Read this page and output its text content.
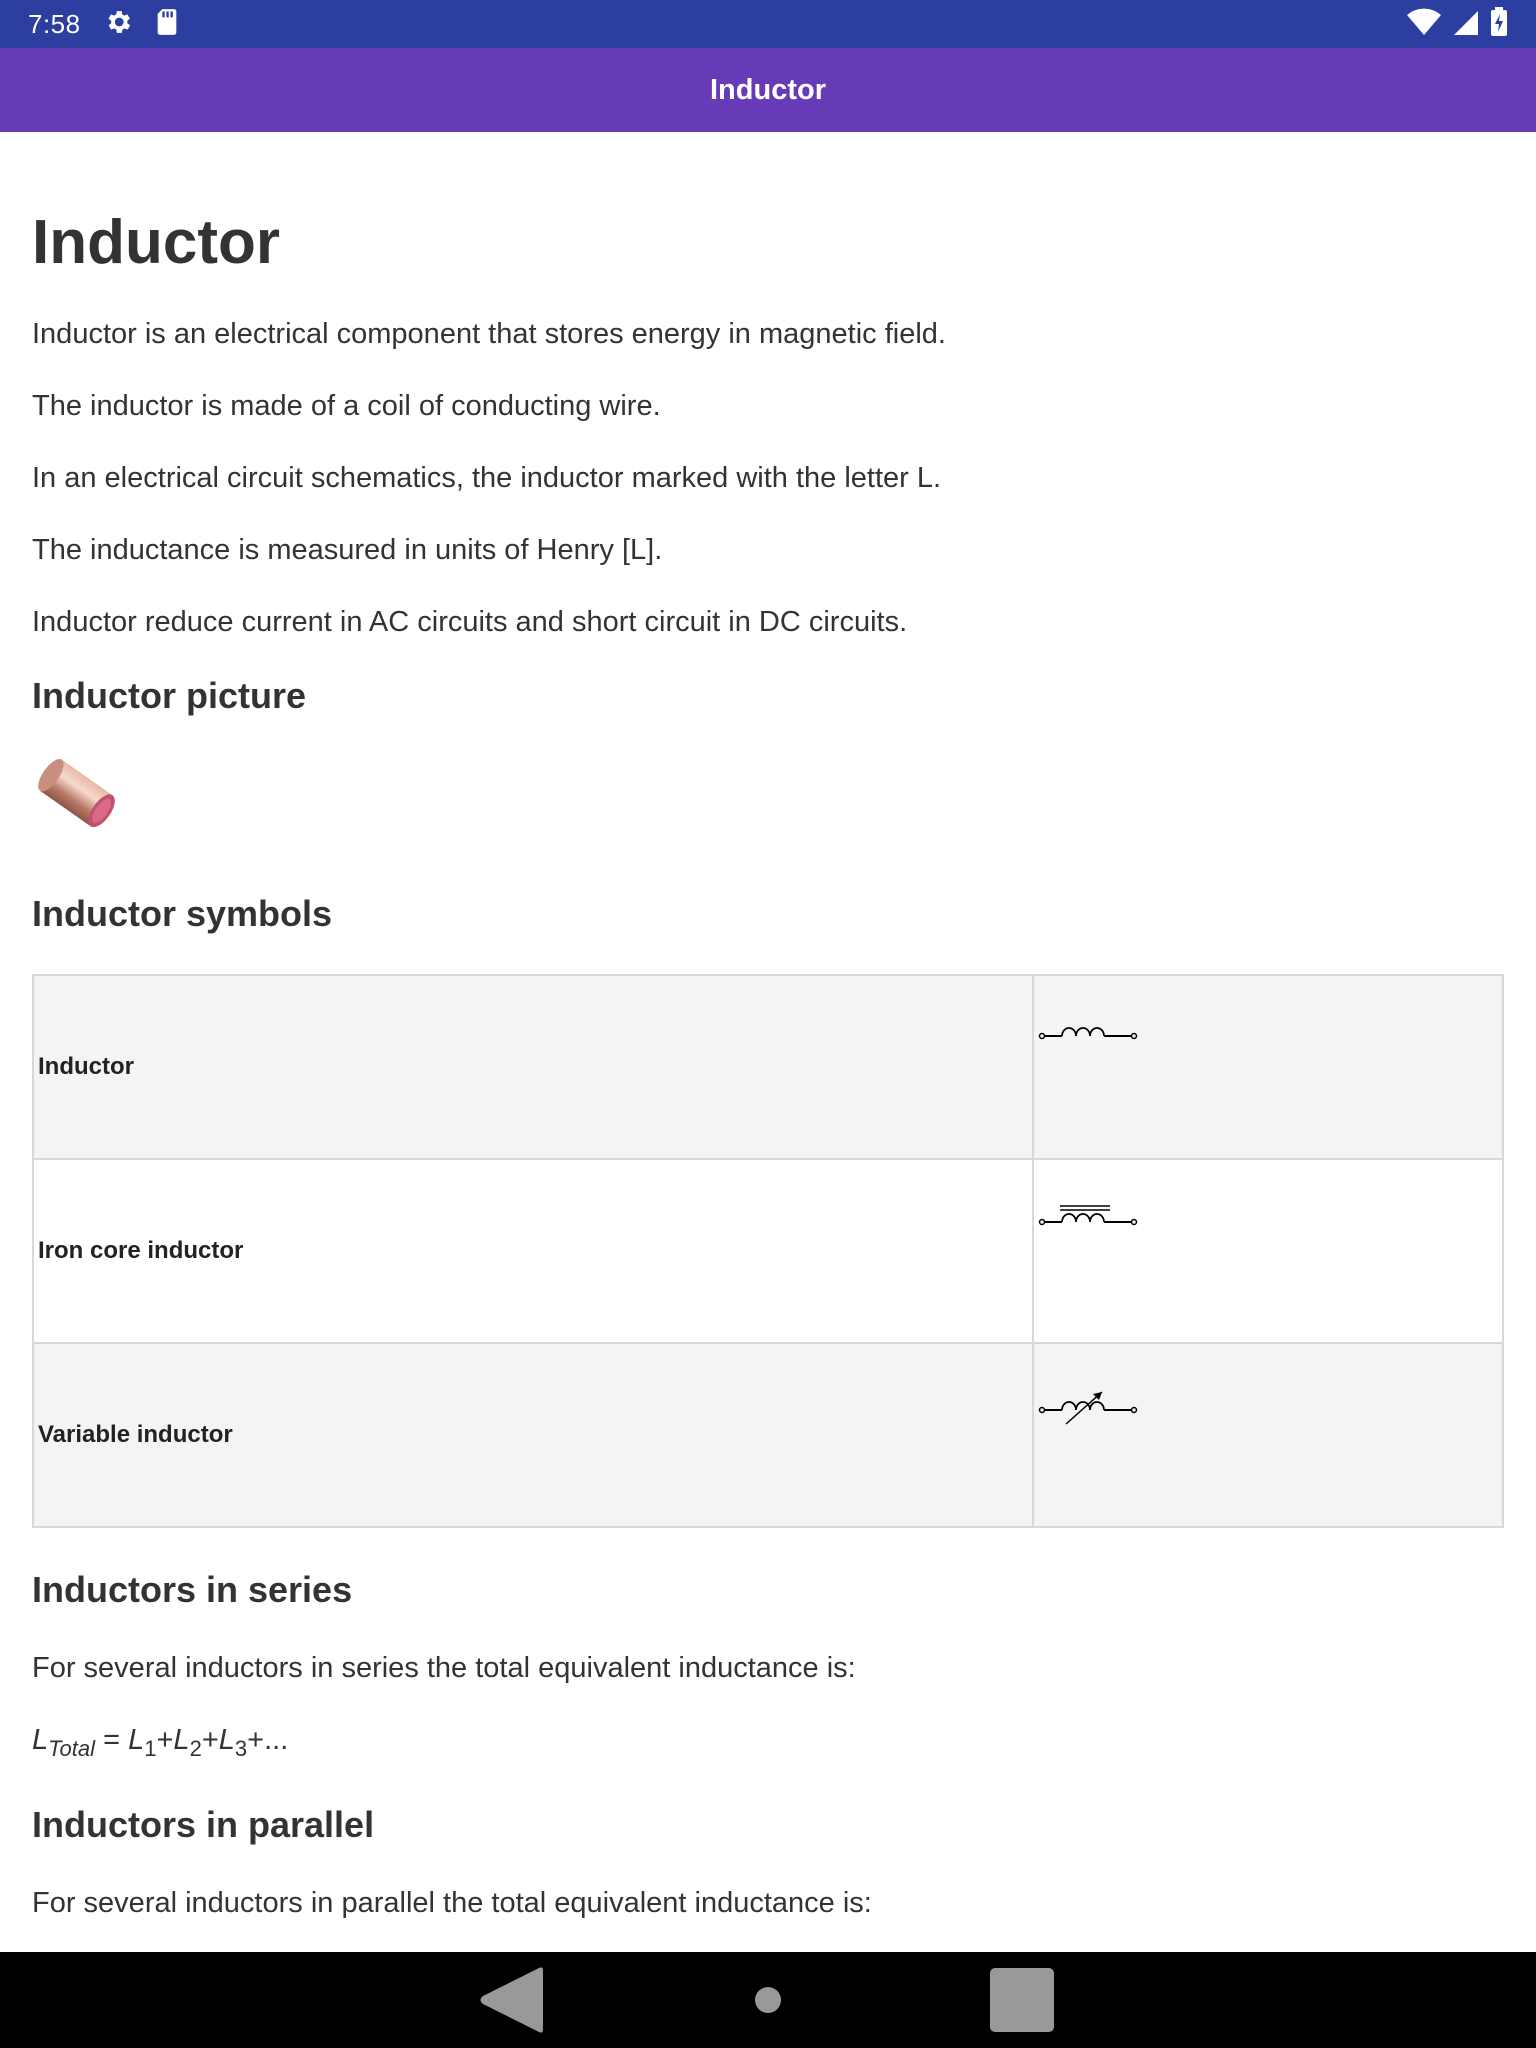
7:58
Inductor
Inductor

Inductor is an electrical component that stores energy in magnetic field.

The inductor is made of a coil of conducting wire.

In an electrical circuit schematics, the inductor marked with the letter L.

The inductance is measured in units of Henry [L].

Inductor reduce current in AC circuits and short circuit in DC circuits.

Inductor picture
Inductor symbols
Inductor	
Iron core inductor	
Variable inductor	
Inductors in series

For several inductors in series the total equivalent inductance is:

$L_{Total} = L_1+L_2+L_3+$...

Inductors in parallel

For several inductors in parallel the total equivalent inductance is:
